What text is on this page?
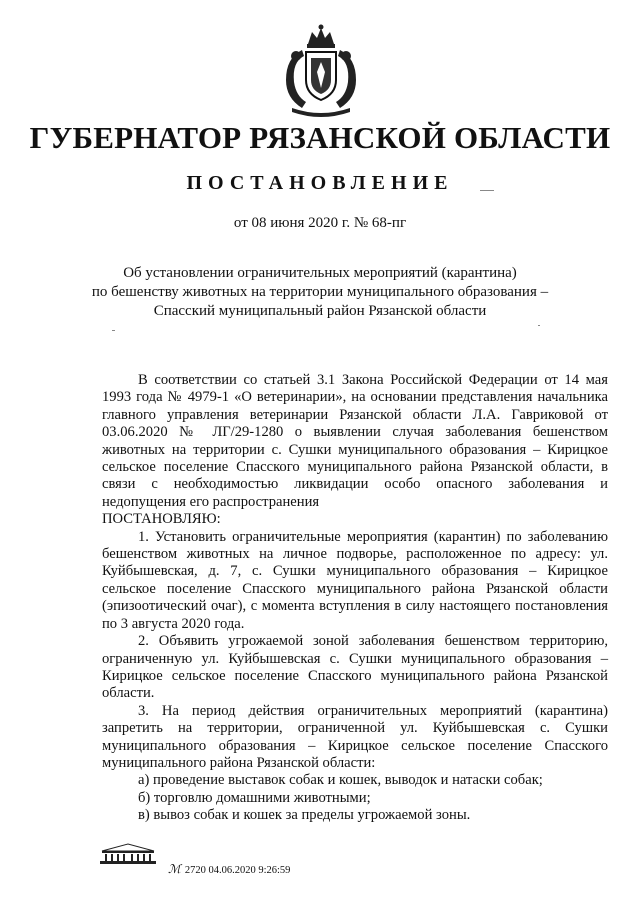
ГУБЕРНАТОР РЯЗАНСКОЙ ОБЛАСТИ
ПОСТАНОВЛЕНИЕ
от 08 июня 2020 г. № 68-пг
Об установлении ограничительных мероприятий (карантина)
по бешенству животных на территории муниципального образования –
Спасский муниципальный район Рязанской области

В соответствии со статьей 3.1 Закона Российской Федерации от 14 мая 1993 года № 4979-1 «О ветеринарии», на основании представления начальника главного управления ветеринарии Рязанской области Л.А. Гавриковой от 03.06.2020 № ЛГ/29-1280 о выявлении случая заболевания бешенством животных на территории с. Сушки муниципального образования – Кирицкое сельское поселение Спасского муниципального района Рязанской области, в связи с необходимостью ликвидации особо опасного заболевания и недопущения его распространения

ПОСТАНОВЛЯЮ:

1. Установить ограничительные мероприятия (карантин) по заболеванию бешенством животных на личное подворье, расположенное по адресу: ул. Куйбышевская, д. 7, с. Сушки муниципального образования – Кирицкое сельское поселение Спасского муниципального района Рязанской области (эпизоотический очаг), с момента вступления в силу настоящего постановления по 3 августа 2020 года.

2. Объявить угрожаемой зоной заболевания бешенством территорию, ограниченную ул. Куйбышевская с. Сушки муниципального образования – Кирицкое сельское поселение Спасского муниципального района Рязанской области.

3. На период действия ограничительных мероприятий (карантина) запретить на территории, ограниченной ул. Куйбышевская с. Сушки муниципального образования – Кирицкое сельское поселение Спасского муниципального района Рязанской области:

а) проведение выставок собак и кошек, выводок и натаски собак;

б) торговлю домашними животными;

в) вывоз собак и кошек за пределы угрожаемой зоны.

ℳ 2720 04.06.2020 9:26:59
